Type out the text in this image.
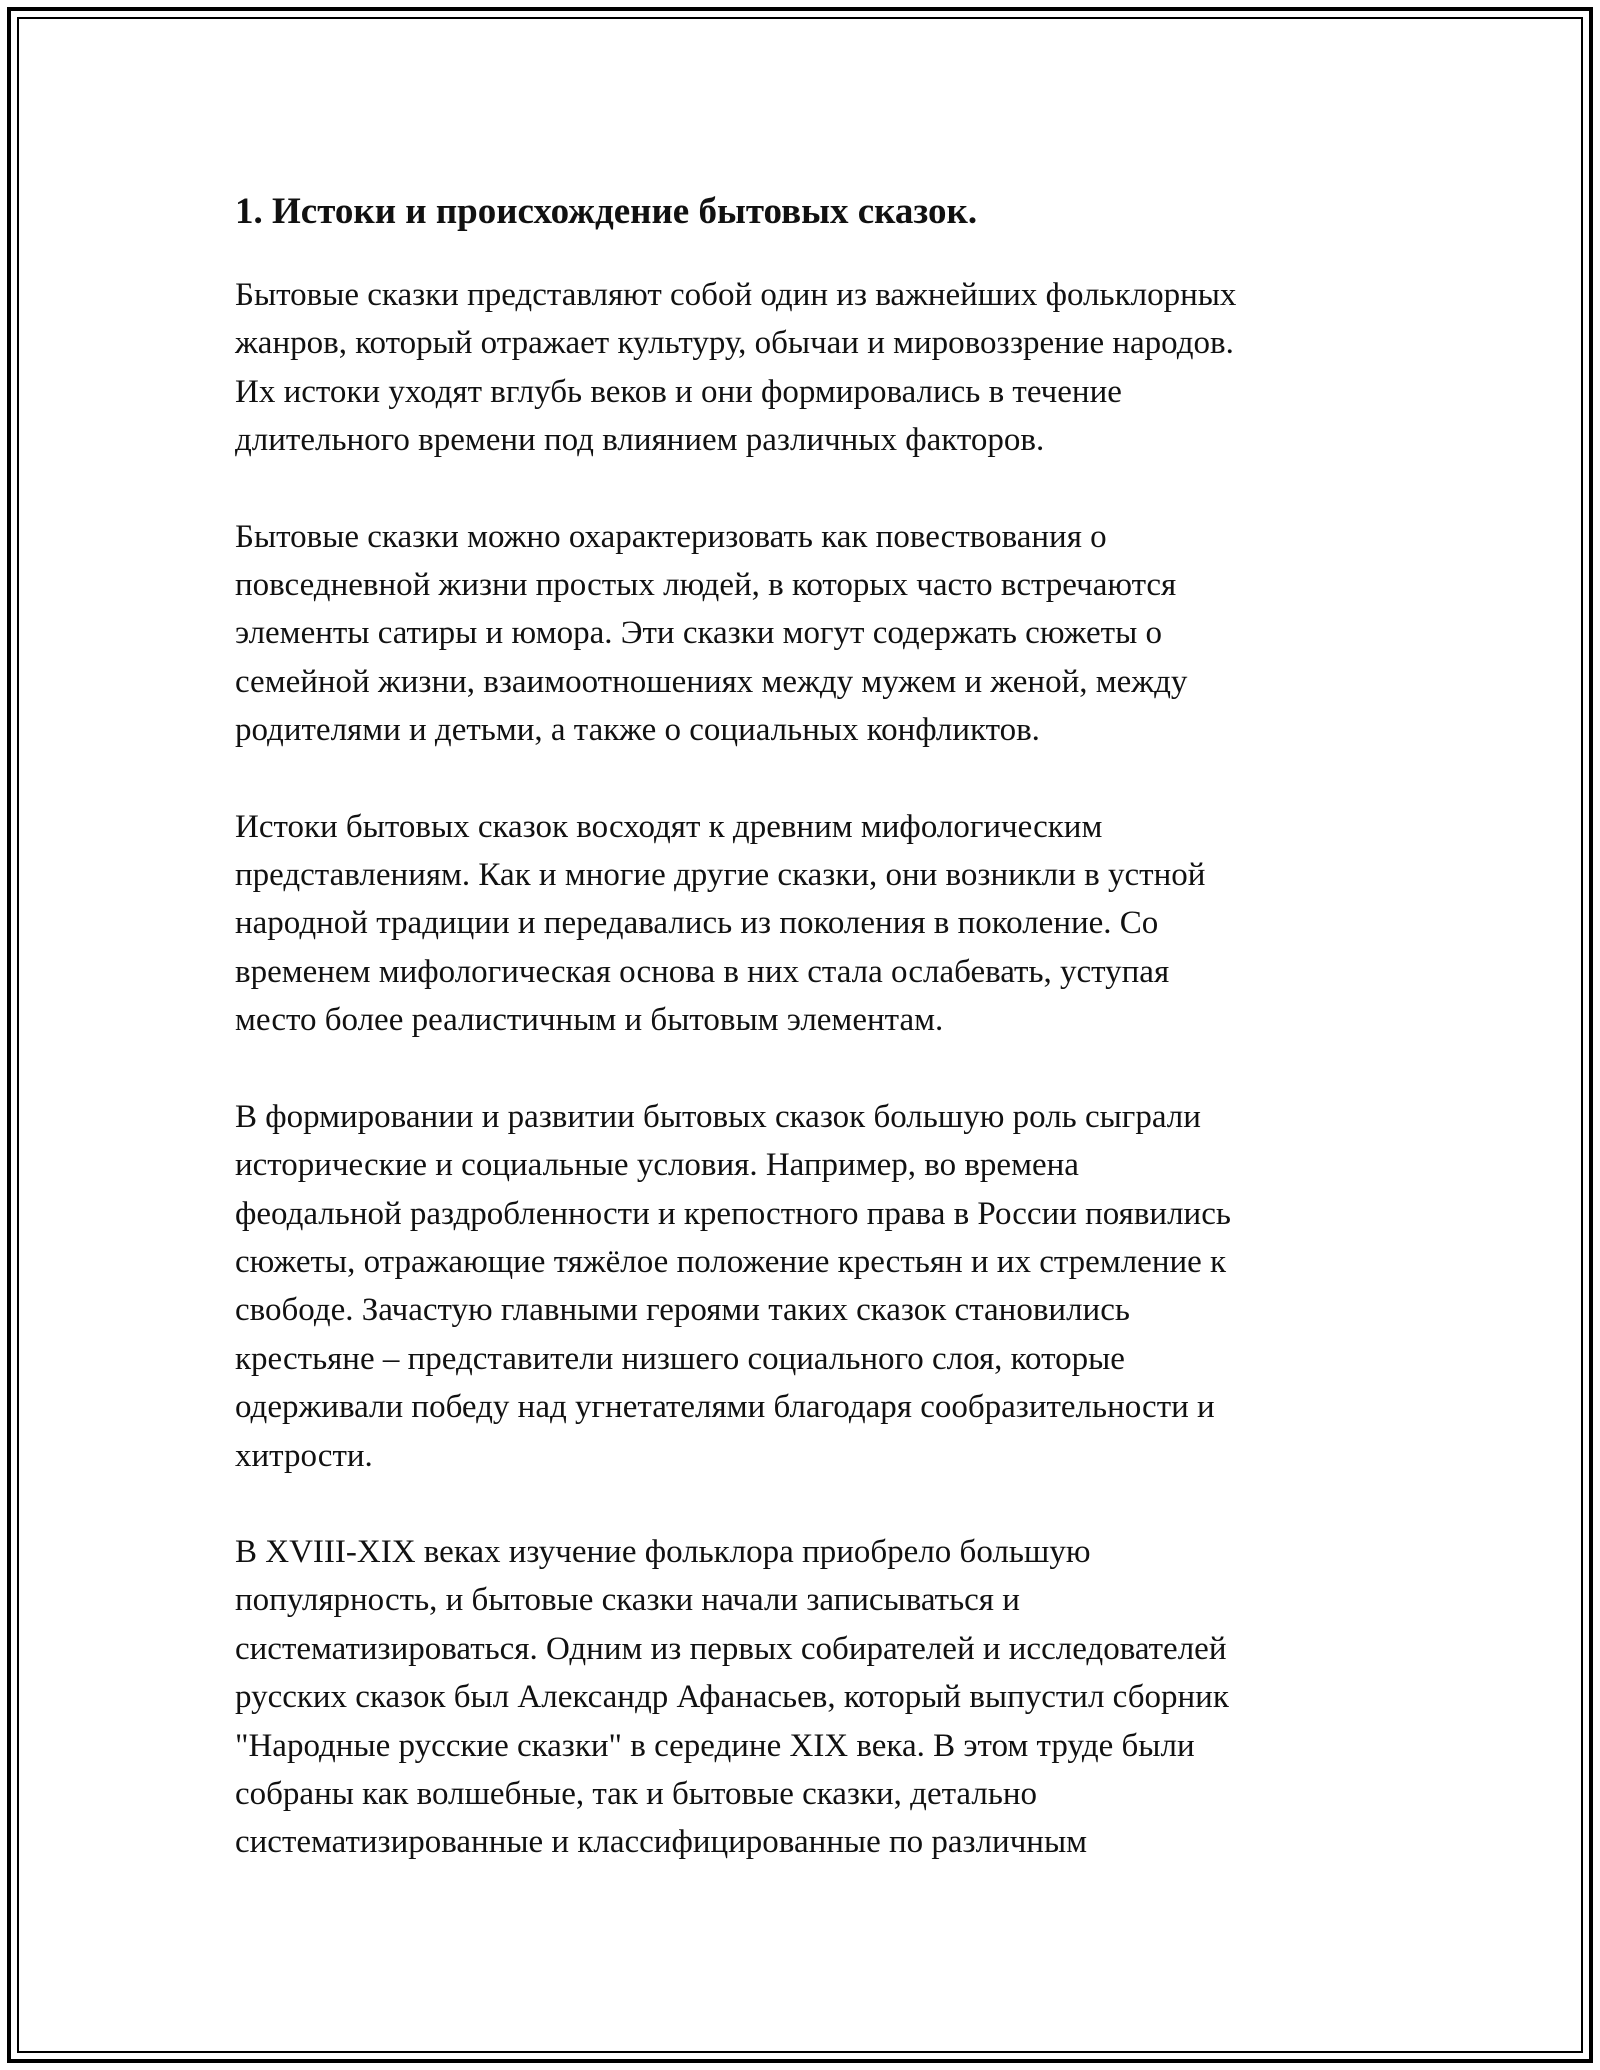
1. Истоки и происхождение бытовых сказок.

Бытовые сказки представляют собой один из важнейших фольклорных
жанров, который отражает культуру, обычаи и мировоззрение народов.
Их истоки уходят вглубь веков и они формировались в течение
длительного времени под влиянием различных факторов.

Бытовые сказки можно охарактеризовать как повествования о
повседневной жизни простых людей, в которых часто встречаются
элементы сатиры и юмора. Эти сказки могут содержать сюжеты о
семейной жизни, взаимоотношениях между мужем и женой, между
родителями и детьми, а также о социальных конфликтов.

Истоки бытовых сказок восходят к древним мифологическим
представлениям. Как и многие другие сказки, они возникли в устной
народной традиции и передавались из поколения в поколение. Со
временем мифологическая основа в них стала ослабевать, уступая
место более реалистичным и бытовым элементам.

В формировании и развитии бытовых сказок большую роль сыграли
исторические и социальные условия. Например, во времена
феодальной раздробленности и крепостного права в России появились
сюжеты, отражающие тяжёлое положение крестьян и их стремление к
свободе. Зачастую главными героями таких сказок становились
крестьяне – представители низшего социального слоя, которые
одерживали победу над угнетателями благодаря сообразительности и
хитрости.

В XVIII-XIX веках изучение фольклора приобрело большую
популярность, и бытовые сказки начали записываться и
систематизироваться. Одним из первых собирателей и исследователей
русских сказок был Александр Афанасьев, который выпустил сборник
"Народные русские сказки" в середине XIX века. В этом труде были
собраны как волшебные, так и бытовые сказки, детально
систематизированные и классифицированные по различным
